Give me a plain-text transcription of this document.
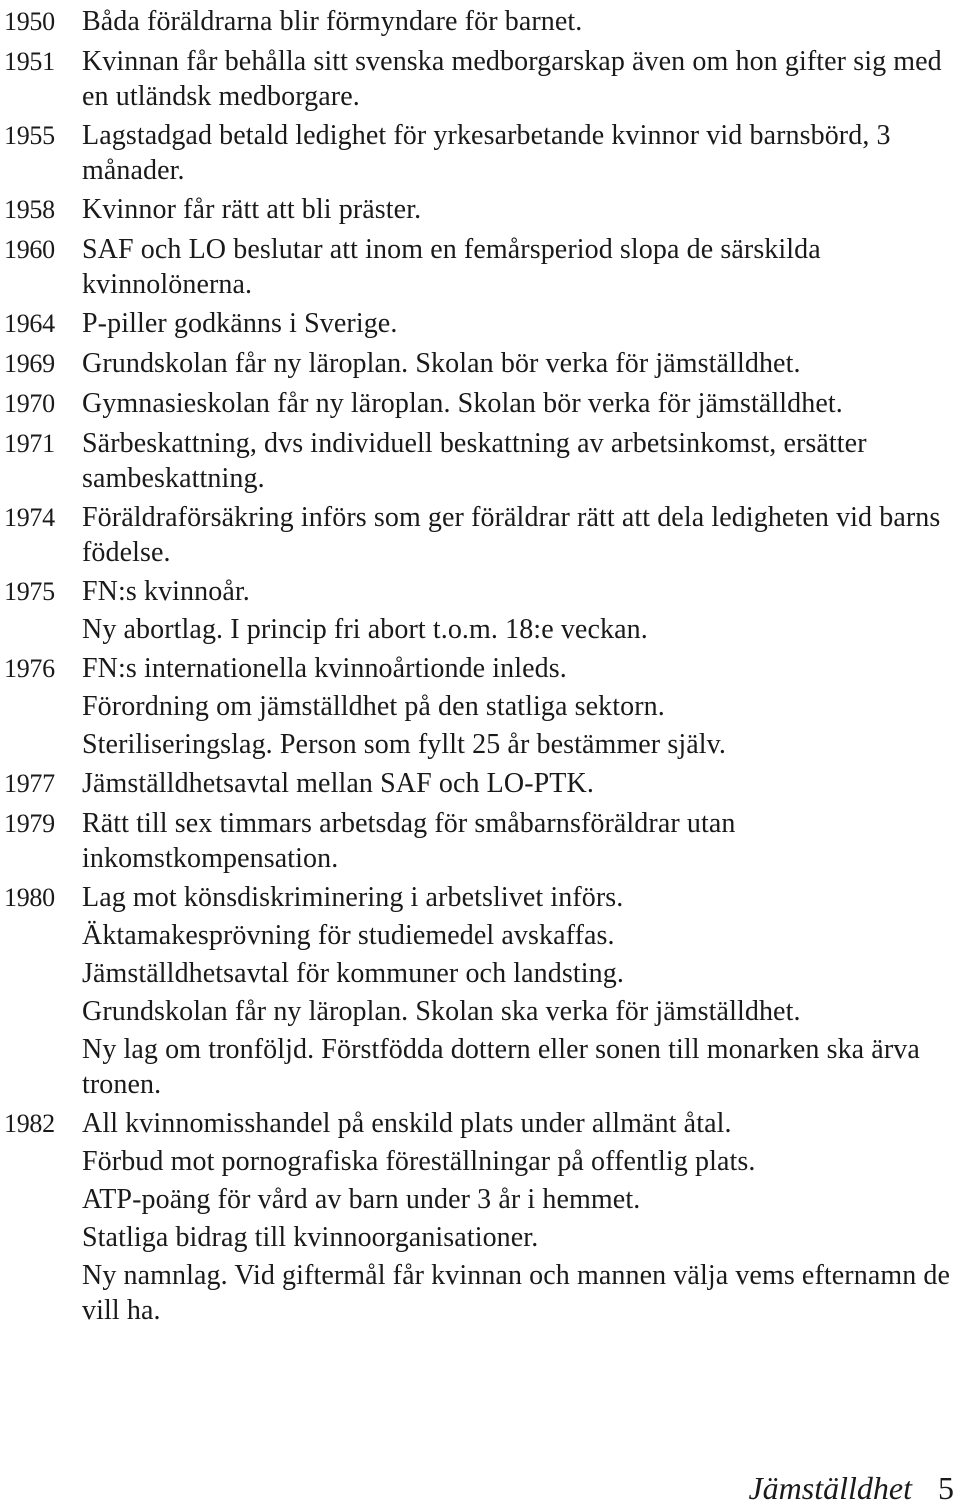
1950 Båda föräldrarna blir förmyndare för barnet.
1951 Kvinnan får behålla sitt svenska medborgarskap även om hon gifter sig med en utländsk medborgare.
1955 Lagstadgad betald ledighet för yrkesarbetande kvinnor vid barnsbörd, 3 månader.
1958 Kvinnor får rätt att bli präster.
1960 SAF och LO beslutar att inom en femårsperiod slopa de särskilda kvinnolönerna.
1964 P-piller godkänns i Sverige.
1969 Grundskolan får ny läroplan. Skolan bör verka för jämställdhet.
1970 Gymnasieskolan får ny läroplan. Skolan bör verka för jämställdhet.
1971 Särbeskattning, dvs individuell beskattning av arbetsinkomst, ersätter sambeskattning.
1974 Föräldraförsäkring införs som ger föräldrar rätt att dela ledigheten vid barns födelse.
1975 FN:s kvinnoår.
Ny abortlag. I princip fri abort t.o.m. 18:e veckan.
1976 FN:s internationella kvinnoårtionde inleds.
Förordning om jämställdhet på den statliga sektorn.
Steriliseringslag. Person som fyllt 25 år bestämmer själv.
1977 Jämställdhetsavtal mellan SAF och LO-PTK.
1979 Rätt till sex timmars arbetsdag för småbarnsföräldrar utan inkomstkompensation.
1980 Lag mot könsdiskriminering i arbetslivet införs.
Äktamakesprövning för studiemedel avskaffas.
Jämställdhetsavtal för kommuner och landsting.
Grundskolan får ny läroplan. Skolan ska verka för jämställdhet.
Ny lag om tronföljd. Förstfödda dottern eller sonen till monarken ska ärva tronen.
1982 All kvinnomisshandel på enskild plats under allmänt åtal.
Förbud mot pornografiska föreställningar på offentlig plats.
ATP-poäng för vård av barn under 3 år i hemmet.
Statliga bidrag till kvinnoorganisationer.
Ny namnlag. Vid giftermål får kvinnan och mannen välja vems efternamn de vill ha.
Jämställdhet 5
